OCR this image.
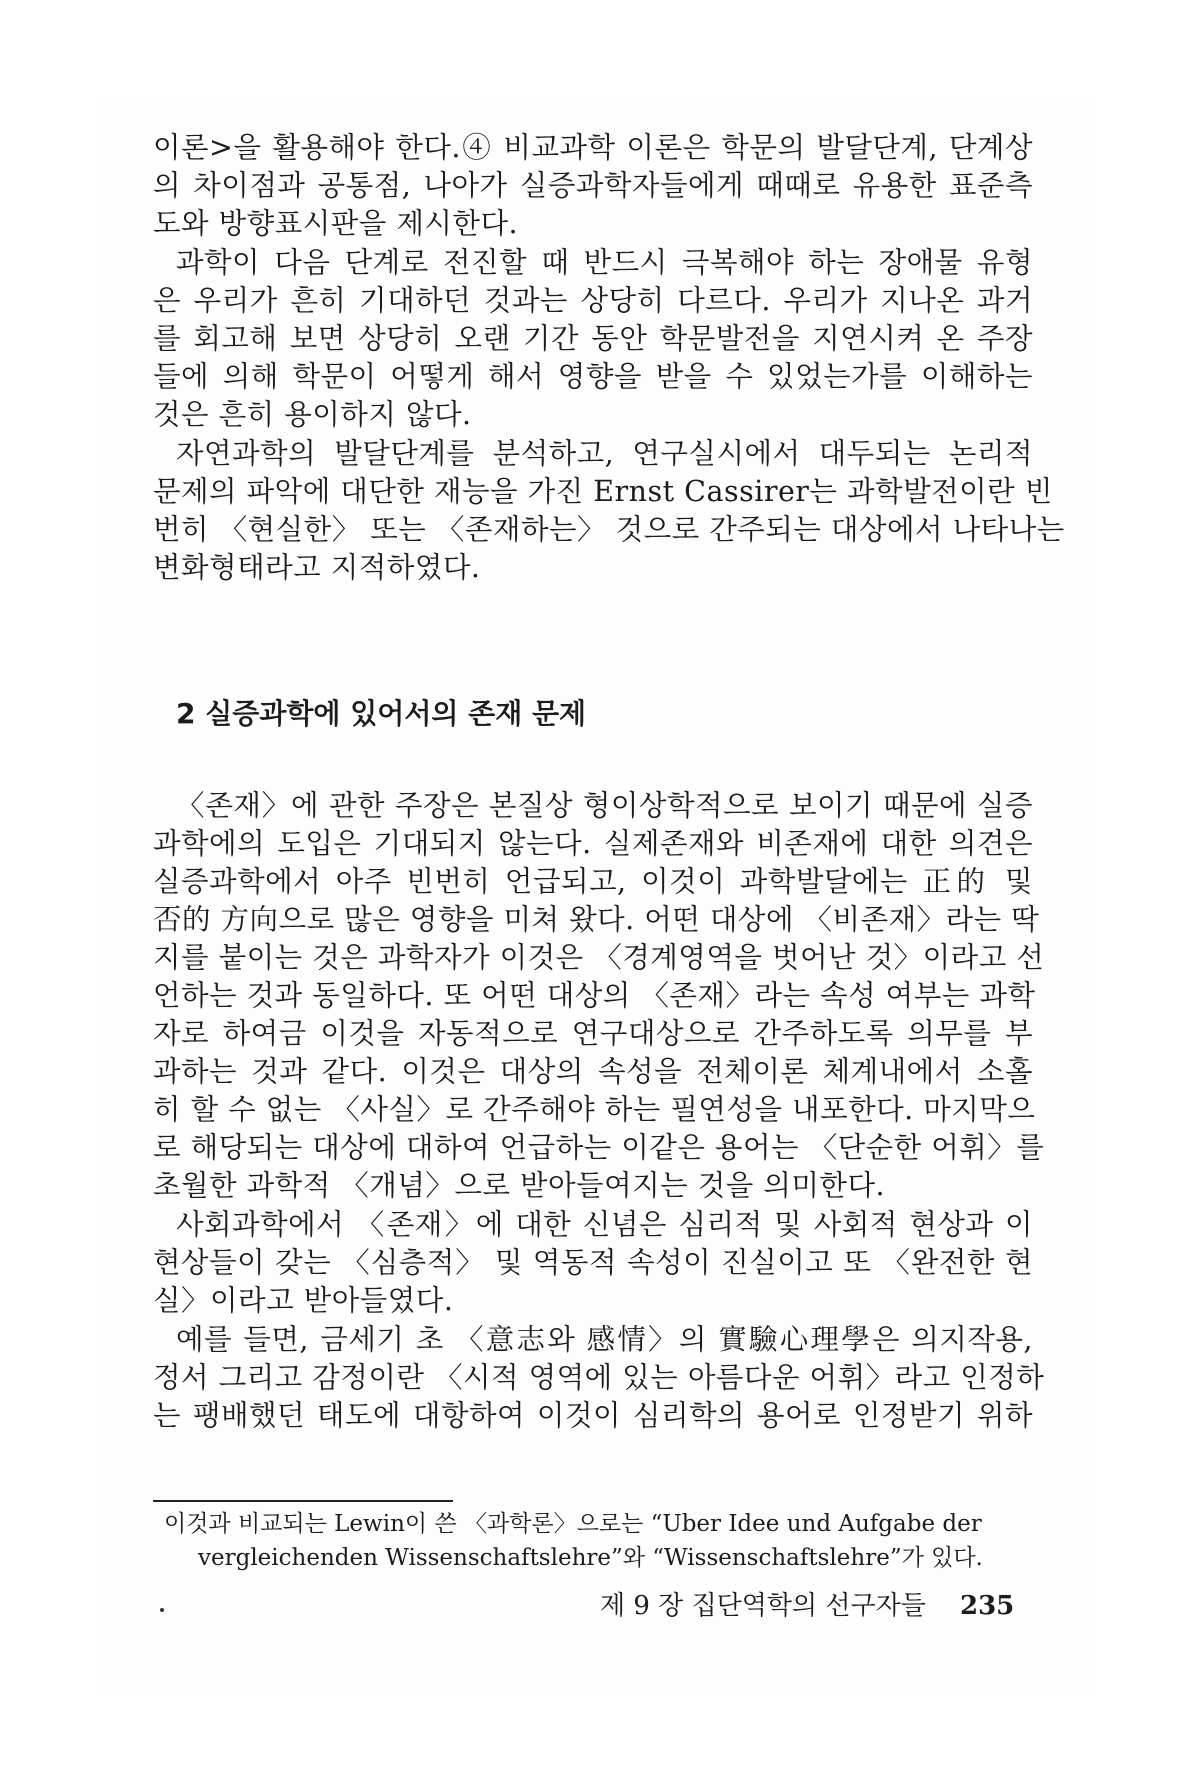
이론>을 활용해야 한다.④ 비교과학 이론은 학문의 발달단계, 단계상
의 차이점과 공통점, 나아가 실증과학자들에게 때때로 유용한 표준측
도와 방향표시판을 제시한다.
과학이 다음 단계로 전진할 때 반드시 극복해야 하는 장애물 유형
은 우리가 흔히 기대하던 것과는 상당히 다르다. 우리가 지나온 과거
를 회고해 보면 상당히 오랜 기간 동안 학문발전을 지연시켜 온 주장
들에 의해 학문이 어떻게 해서 영향을 받을 수 있었는가를 이해하는
것은 흔히 용이하지 않다.
자연과학의 발달단계를 분석하고, 연구실시에서 대두되는 논리적
문제의 파악에 대단한 재능을 가진 Ernst Cassirer는 과학발전이란 빈
번히 〈현실한〉 또는 〈존재하는〉 것으로 간주되는 대상에서 나타나는
변화형태라고 지적하였다.
2 실증과학에 있어서의 존재 문제
〈존재〉에 관한 주장은 본질상 형이상학적으로 보이기 때문에 실증
과학에의 도입은 기대되지 않는다. 실제존재와 비존재에 대한 의견은
실증과학에서 아주 빈번히 언급되고, 이것이 과학발달에는 正的 및
否的 方向으로 많은 영향을 미쳐 왔다. 어떤 대상에 〈비존재〉라는 딱
지를 붙이는 것은 과학자가 이것은 〈경계영역을 벗어난 것〉이라고 선
언하는 것과 동일하다. 또 어떤 대상의 〈존재〉라는 속성 여부는 과학
자로 하여금 이것을 자동적으로 연구대상으로 간주하도록 의무를 부
과하는 것과 같다. 이것은 대상의 속성을 전체이론 체계내에서 소홀
히 할 수 없는 〈사실〉로 간주해야 하는 필연성을 내포한다. 마지막으
로 해당되는 대상에 대하여 언급하는 이같은 용어는 〈단순한 어휘〉를
초월한 과학적 〈개념〉으로 받아들여지는 것을 의미한다.
사회과학에서 〈존재〉에 대한 신념은 심리적 및 사회적 현상과 이
현상들이 갖는 〈심층적〉 및 역동적 속성이 진실이고 또 〈완전한 현
실〉이라고 받아들였다.
예를 들면, 금세기 초 〈意志와 感情〉의 實驗心理學은 의지작용,
정서 그리고 감정이란 〈시적 영역에 있는 아름다운 어휘〉라고 인정하
는 팽배했던 태도에 대항하여 이것이 심리학의 용어로 인정받기 위하
이것과 비교되는 Lewin이 쓴 〈과학론〉으로는 “Uber Idee und Aufgabe der
vergleichenden Wissenschaftslehre”와 “Wissenschaftslehre”가 있다.
제 9 장 집단역학의 선구자들 235
